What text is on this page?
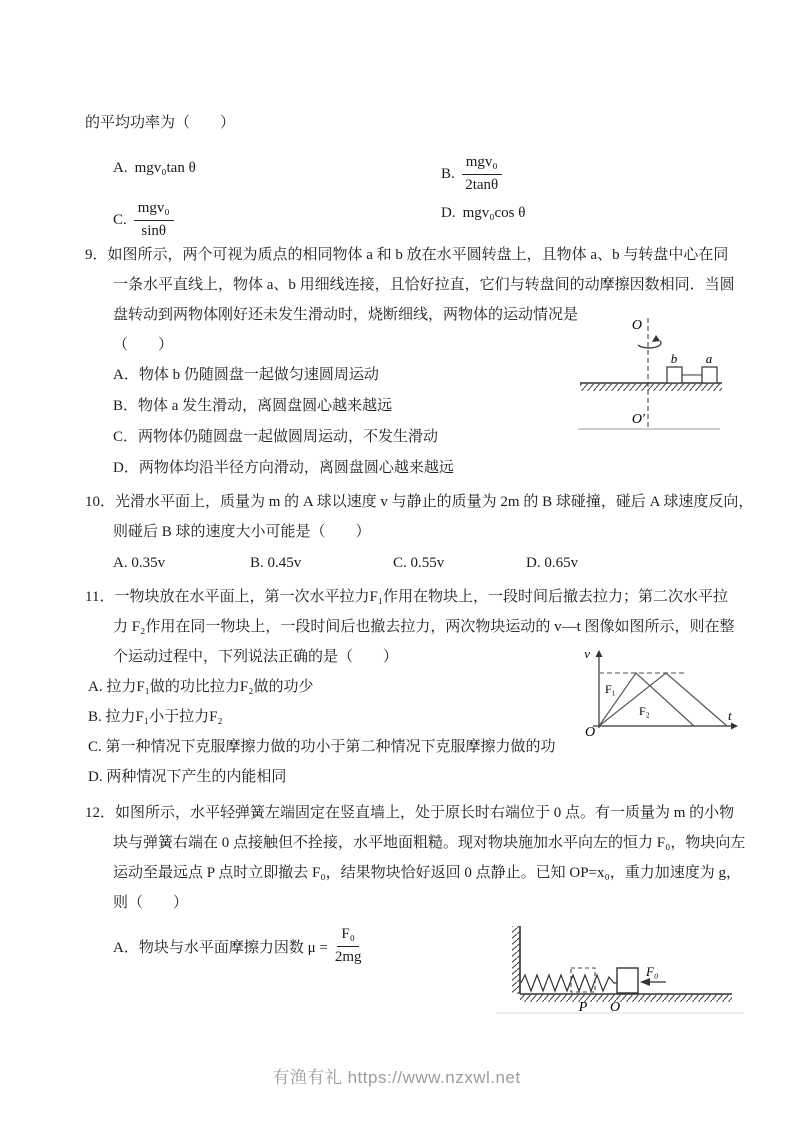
的平均功率为（　　）
A. mgv₀tan θ	B. $\frac{\text{mgv₀}}{2\tan\theta}$
C. $\frac{\text{mgv₀}}{\sin\theta}$	D. mgv₀cos θ
9．如图所示，两个可视为质点的相同物体 a 和 b 放在水平圆转盘上，且物体 a、b 与转盘中心在同
一条水平直线上，物体 a、b 用细线连接，且恰好拉直，它们与转盘间的动摩擦因数相同．当圆
盘转动到两物体刚好还未发生滑动时，烧断细线，两物体的运动情况是
（　　）
A．物体 b 仍随圆盘一起做匀速圆周运动
B．物体 a 发生滑动，离圆盘圆心越来越远
C．两物体仍随圆盘一起做圆周运动，不发生滑动
D．两物体均沿半径方向滑动，离圆盘圆心越来越远
O
b a
O′
10．光滑水平面上，质量为 m 的 A 球以速度 v 与静止的质量为 2m 的 B 球碰撞，碰后 A 球速度反向，
则碰后 B 球的速度大小可能是（　　）
A. 0.35v	B. 0.45v	C. 0.55v	D. 0.65v
11．一物块放在水平面上，第一次水平拉力F₁作用在物块上，一段时间后撤去拉力；第二次水平拉
力 F₂作用在同一物块上，一段时间后也撤去拉力，两次物块运动的 v—t 图像如图所示，则在整
个运动过程中，下列说法正确的是（　　）
A. 拉力F₁做的功比拉力F₂做的功少
B. 拉力F₁小于拉力F₂
C. 第一种情况下克服摩擦力做的功小于第二种情况下克服摩擦力做的功
D. 两种情况下产生的内能相同
v
t
O
F₁
F₂
12．如图所示，水平轻弹簧左端固定在竖直墙上，处于原长时右端位于 0 点。有一质量为 m 的小物
块与弹簧右端在 0 点接触但不拴接，水平地面粗糙。现对物块施加水平向左的恒力 F₀，物块向左
运动至最远点 P 点时立即撤去 F₀，结果物块恰好返回 0 点静止。已知 OP=x₀，重力加速度为 g，
则（　　）
A．物块与水平面摩擦力因数 $\mu = \frac{\text{F₀}}{2mg}$
F₀
P O
有渔有礼 https://www.nzxwl.net
